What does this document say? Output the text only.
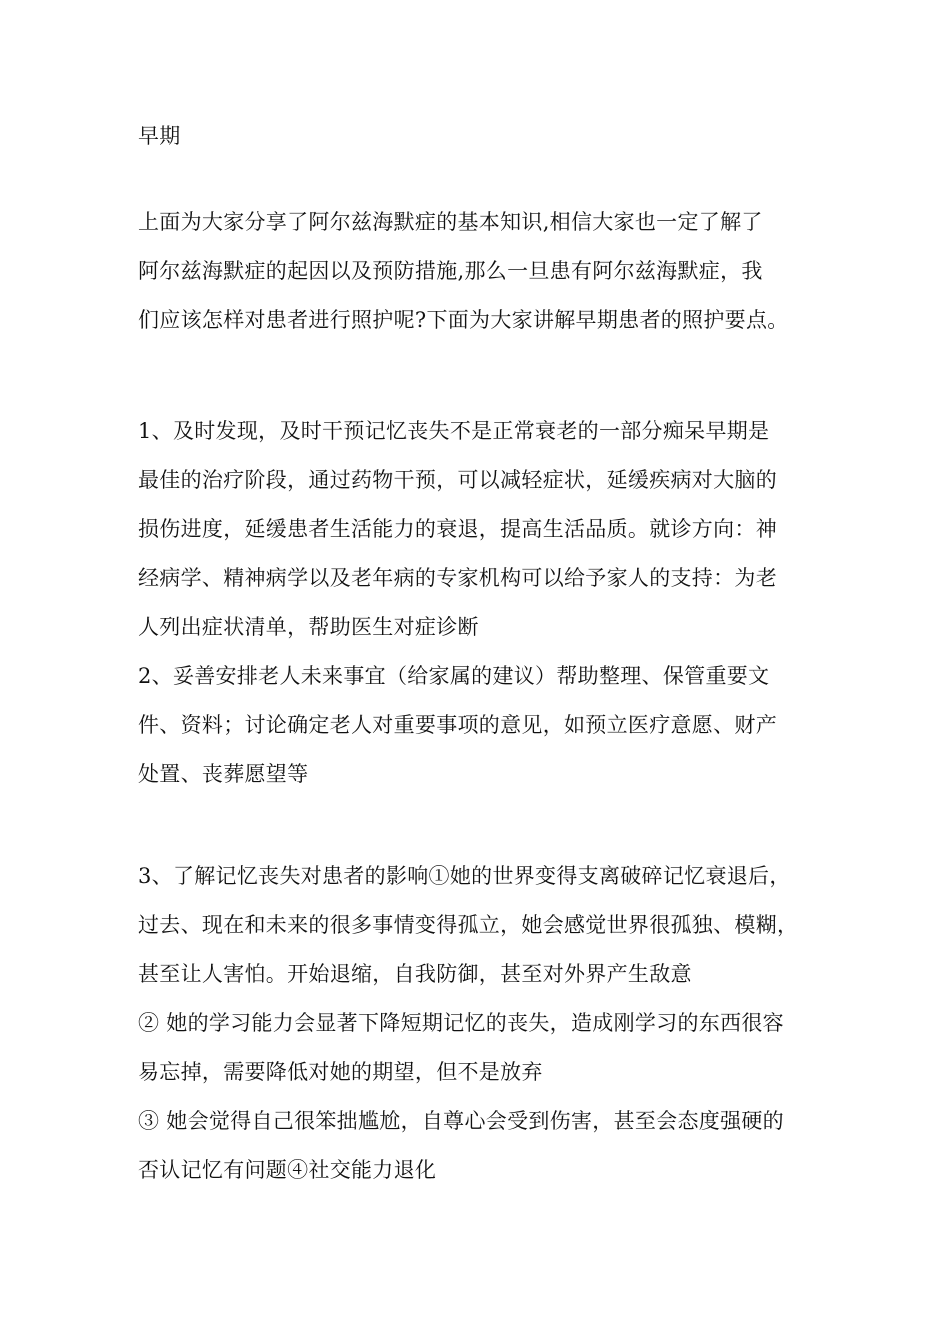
早期
上面为大家分享了阿尔兹海默症的基本知识,相信大家也一定了解了
阿尔兹海默症的起因以及预防措施,那么一旦患有阿尔兹海默症，我
们应该怎样对患者进行照护呢?下面为大家讲解早期患者的照护要点。
1、及时发现，及时干预记忆丧失不是正常衰老的一部分痴呆早期是
最佳的治疗阶段，通过药物干预，可以减轻症状，延缓疾病对大脑的
损伤进度，延缓患者生活能力的衰退，提高生活品质。就诊方向：神
经病学、精神病学以及老年病的专家机构可以给予家人的支持：为老
人列出症状清单，帮助医生对症诊断
2、妥善安排老人未来事宜（给家属的建议）帮助整理、保管重要文
件、资料；讨论确定老人对重要事项的意见，如预立医疗意愿、财产
处置、丧葬愿望等
3、了解记忆丧失对患者的影响①她的世界变得支离破碎记忆衰退后，
过去、现在和未来的很多事情变得孤立，她会感觉世界很孤独、模糊，
甚至让人害怕。开始退缩，自我防御，甚至对外界产生敌意
② 她的学习能力会显著下降短期记忆的丧失，造成刚学习的东西很容
易忘掉，需要降低对她的期望，但不是放弃
③ 她会觉得自己很笨拙尴尬，自尊心会受到伤害，甚至会态度强硬的
否认记忆有问题④社交能力退化
